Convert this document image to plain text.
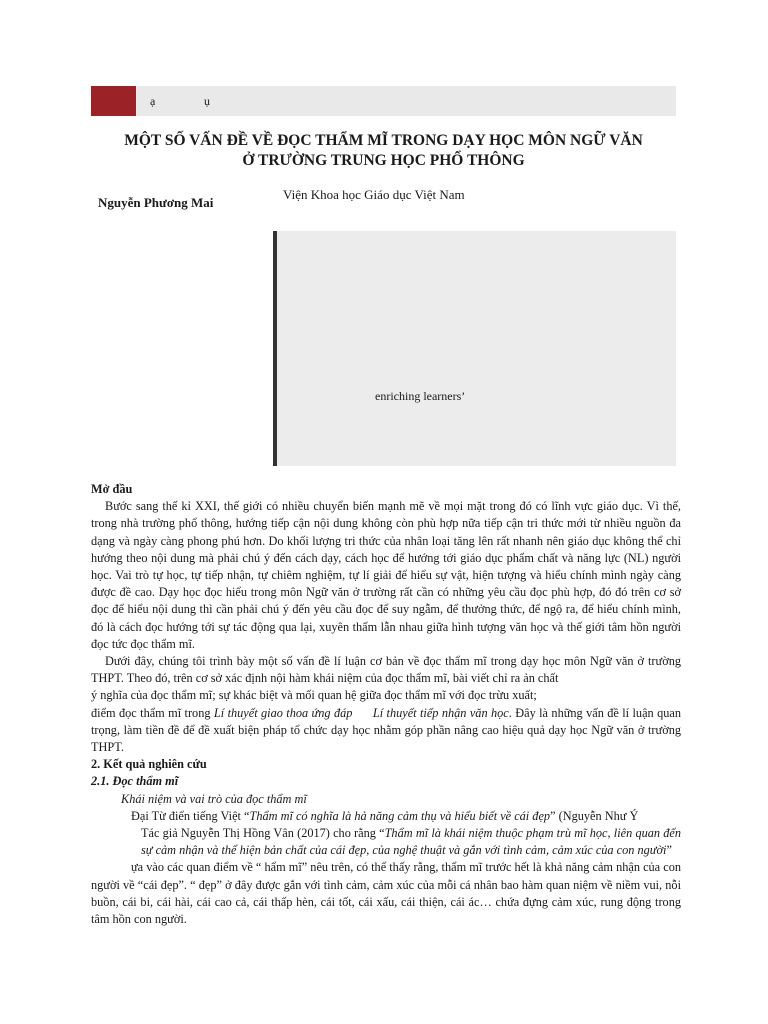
ạ	ụ
MỘT SỐ VẤN ĐỀ VỀ ĐỌC THẨM MĨ TRONG DẠY HỌC MÔN NGỮ VĂN
Ở TRƯỜNG TRUNG HỌC PHỔ THÔNG
Nguyễn Phương Mai
Viện Khoa học Giáo dục Việt Nam
enriching learners’

Mở đầu

Bước sang thế kỉ XXI, thế giới có nhiều chuyển biến mạnh mẽ về mọi mặt trong đó có lĩnh vực giáo dục. Vì thế, trong nhà trường phổ thông, hướng tiếp cận nội dung không còn phù hợp nữa tiếp cận tri thức mới từ nhiều nguồn đa dạng và ngày càng phong phú hơn. Do khối lượng tri thức của nhân loại tăng lên rất nhanh nên giáo dục không thể chỉ hướng theo nội dung mà phải chú ý đến cách dạy, cách học để hướng tới giáo dục phẩm chất và năng lực (NL) người học. Vai trò tự học, tự tiếp nhận, tự chiêm nghiệm, tự lí giải để hiểu sự vật, hiện tượng và hiểu chính mình ngày càng được đề cao. Dạy học đọc hiểu trong môn Ngữ văn ở trường rất cần có những yêu cầu đọc phù hợp, đó đó trên cơ sở đọc để hiểu nội dung thì cần phải chú ý đến yêu cầu đọc để suy ngẫm, để thưởng thức, để ngộ ra, để hiểu chính mình, đó là cách đọc hướng tới sự tác động qua lại, xuyên thấm lẫn nhau giữa hình tượng văn học và thế giới tâm hồn người đọc tức đọc thẩm mĩ.

Dưới đây, chúng tôi trình bày một số vấn đề lí luận cơ bản về đọc thẩm mĩ trong dạy học môn Ngữ văn ở trường THPT. Theo đó, trên cơ sở xác định nội hàm khái niệm của đọc thẩm mĩ, bài viết chỉ ra ản chất

ý nghĩa của đọc thẩm mĩ; sự khác biệt và mối quan hệ giữa đọc thẩm mĩ với đọc trừu xuất;

điểm đọc thẩm mĩ trong Lí thuyết giao thoa ứng đáp Lí thuyết tiếp nhận văn học. Đây là những vấn đề lí luận quan trọng, làm tiền đề để đề xuất biện pháp tổ chức dạy học nhằm góp phần nâng cao hiệu quả dạy học Ngữ văn ở trường THPT.

2. Kết quả nghiên cứu

2.1. Đọc thẩm mĩ

Khái niệm và vai trò của đọc thẩm mĩ

Đại Từ điển tiếng Việt “Thẩm mĩ có nghĩa là hả năng cảm thụ và hiểu biết về cái đẹp” (Nguyễn Như Ý

Tác giả Nguyễn Thị Hồng Vân (2017) cho rằng “Thẩm mĩ là khái niệm thuộc phạm trù mĩ học, liên quan đến sự cảm nhận và thể hiện bản chất của cái đẹp, của nghệ thuật và gắn với tình cảm, cảm xúc của con người”

ựa vào các quan điểm về “ hẩm mĩ” nêu trên, có thể thấy rằng, thẩm mĩ trước hết là khả năng cảm nhận của con người về “cái đẹp”. “ đẹp” ở đây được gắn với tình cảm, cảm xúc của mỗi cá nhân bao hàm quan niệm về niềm vui, nỗi buồn, cái bi, cái hài, cái cao cả, cái thấp hèn, cái tốt, cái xấu, cái thiện, cái ác… chứa đựng cảm xúc, rung động trong tâm hồn con người.
